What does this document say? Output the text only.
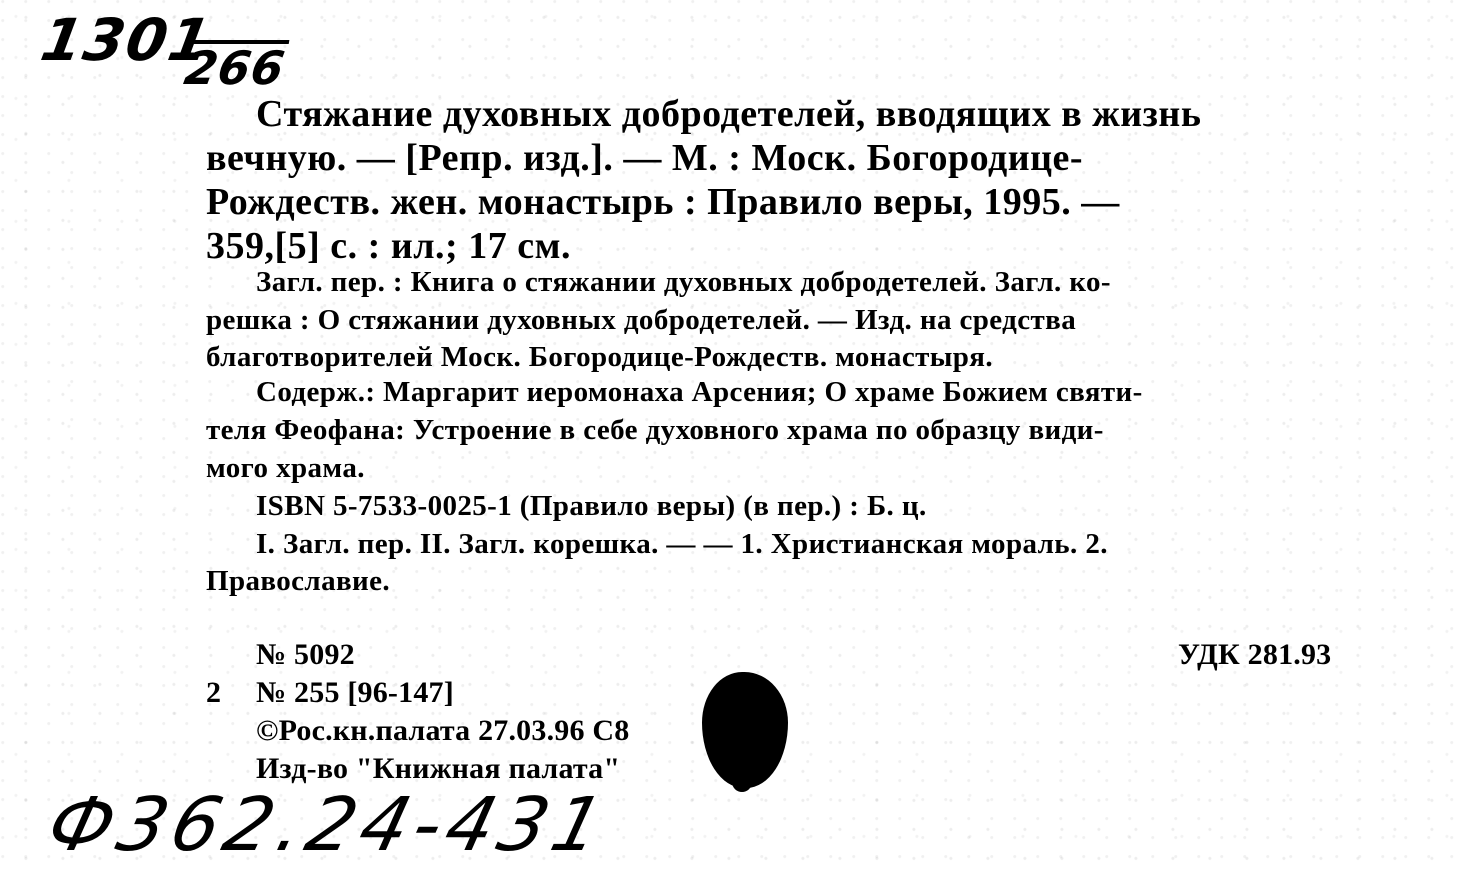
1301
266
Стяжание духовных добродетелей, вводящих в жизнь
вечную. — [Репр. изд.]. — М. : Моск. Богородице-
Рождеств. жен. монастырь : Правило веры, 1995. —
359,[5] с. : ил.; 17 см.
Загл. пер. : Книга о стяжании духовных добродетелей. Загл. ко-
решка : О стяжании духовных добродетелей. — Изд. на средства
благотворителей Моск. Богородице-Рождеств. монастыря.
Содерж.: Маргарит иеромонаха Арсения; О храме Божием святи-
теля Феофана: Устроение в себе духовного храма по образцу види-
мого храма.
ISBN 5-7533-0025-1 (Правило веры) (в пер.) : Б. ц.
I. Загл. пер. II. Загл. корешка. — — 1. Христианская мораль. 2.
Православие.
№ 5092	УДК 281.93
2 № 255 [96-147]
©Рос.кн.палата 27.03.96 С8
Изд-во "Книжная палата"
Ф362.24-431
